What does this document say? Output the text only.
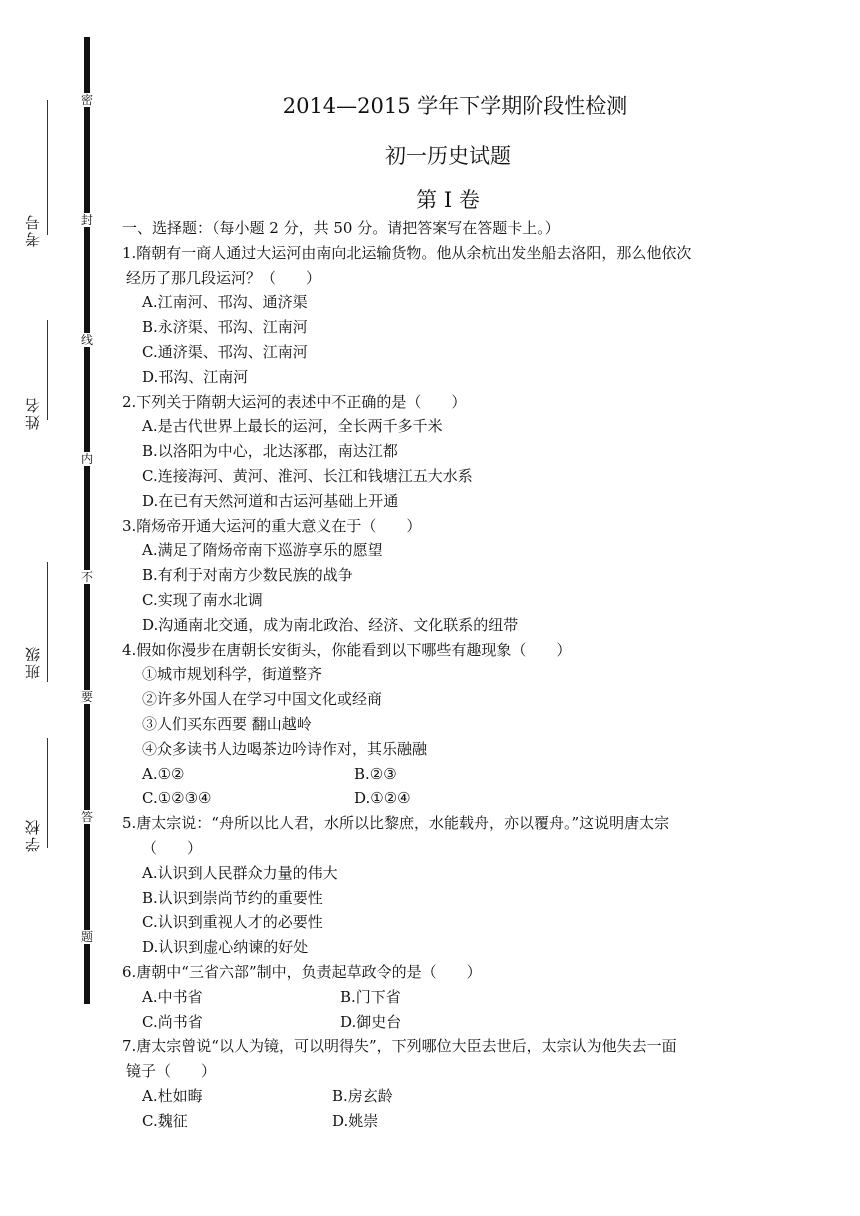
考号
姓名
班级
学校
密
封
线
内
不
要
答
题
2014—2015 学年下学期阶段性检测
初一历史试题
第 I 卷
一、选择题：（每小题 2 分，共 50 分。请把答案写在答题卡上。）
1.隋朝有一商人通过大运河由南向北运输货物。他从余杭出发坐船去洛阳，那么他依次
经历了那几段运河？（　　）
A.江南河、邗沟、通济渠
B.永济渠、邗沟、江南河
C.通济渠、邗沟、江南河
D.邗沟、江南河
2.下列关于隋朝大运河的表述中不正确的是（　　）
A.是古代世界上最长的运河，全长两千多千米
B.以洛阳为中心，北达涿郡，南达江都
C.连接海河、黄河、淮河、长江和钱塘江五大水系
D.在已有天然河道和古运河基础上开通
3.隋炀帝开通大运河的重大意义在于（　　）
A.满足了隋炀帝南下巡游享乐的愿望
B.有利于对南方少数民族的战争
C.实现了南水北调
D.沟通南北交通，成为南北政治、经济、文化联系的纽带
4.假如你漫步在唐朝长安街头，你能看到以下哪些有趣现象（　　）
①城市规划科学，街道整齐
②许多外国人在学习中国文化或经商
③人们买东西要 翻山越岭
④众多读书人边喝茶边吟诗作对，其乐融融
A.①②	B.②③
C.①②③④	D.①②④
5.唐太宗说：“舟所以比人君，水所以比黎庶，水能载舟，亦以覆舟。”这说明唐太宗
（　　）
A.认识到人民群众力量的伟大
B.认识到崇尚节约的重要性
C.认识到重视人才的必要性
D.认识到虚心纳谏的好处
6.唐朝中“三省六部”制中，负责起草政令的是（　　）
A.中书省	B.门下省
C.尚书省	D.御史台
7.唐太宗曾说“以人为镜，可以明得失”，下列哪位大臣去世后，太宗认为他失去一面
镜子（　　）
A.杜如晦	B.房玄龄
C.魏征	D.姚崇
